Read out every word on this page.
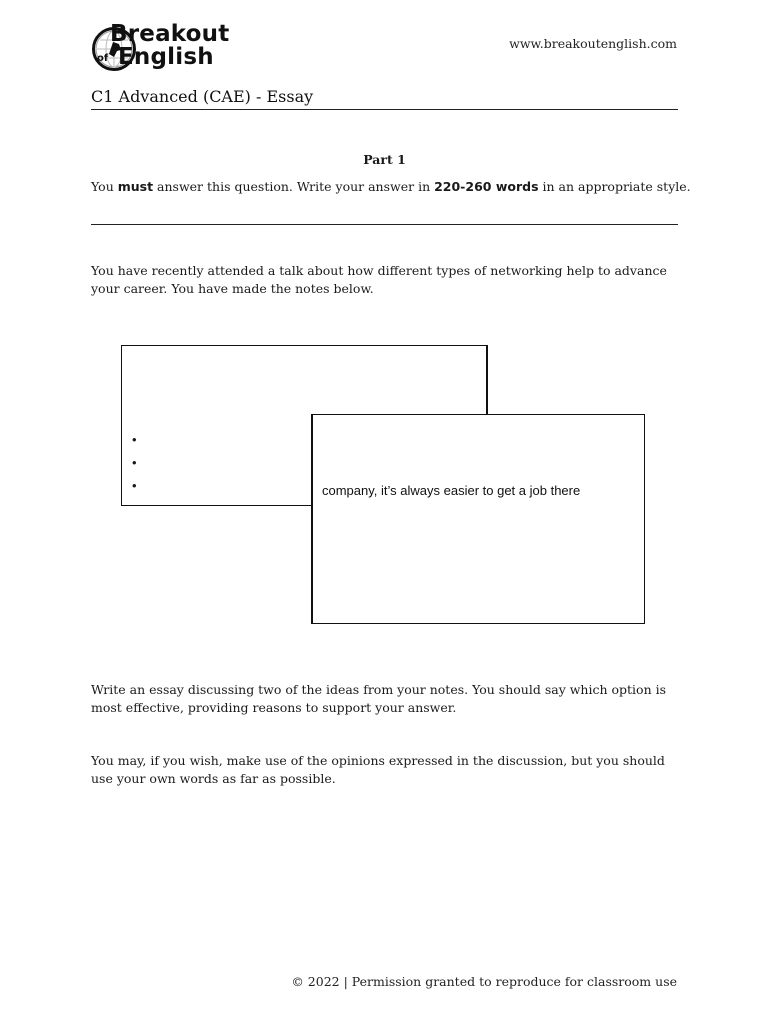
Breakout
English
of
www.breakoutenglish.com
C1 Advanced (CAE) - Essay
Part 1
You must answer this question. Write your answer in 220-260 words in an appropriate style.
You have recently attended a talk about how different types of networking help to advance your career. You have made the notes below.
•
•
•	company, it’s always easier to get a job there
Write an essay discussing two of the ideas from your notes. You should say which option is most effective, providing reasons to support your answer.
You may, if you wish, make use of the opinions expressed in the discussion, but you should use your own words as far as possible.
© 2022 | Permission granted to reproduce for classroom use
